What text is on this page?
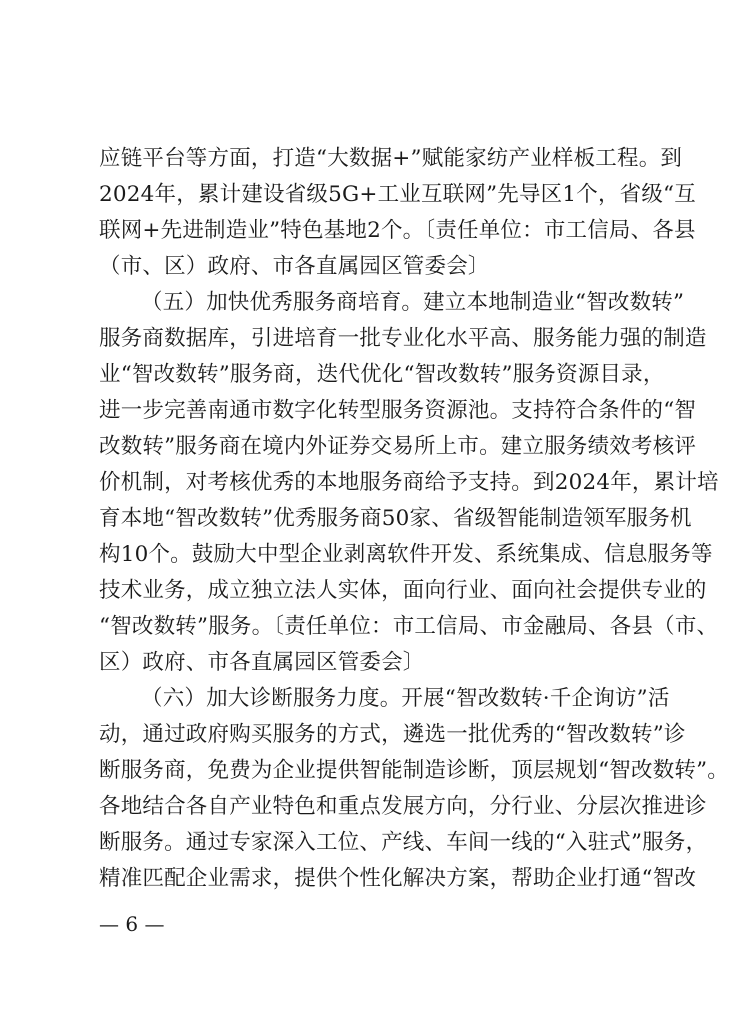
应链平台等方面，打造“大数据+”赋能家纺产业样板工程。到
2024年，累计建设省级5G+工业互联网”先导区1个，省级“互
联网+先进制造业”特色基地2个。〔责任单位：市工信局、各县
（市、区）政府、市各直属园区管委会〕
（五）加快优秀服务商培育。建立本地制造业“智改数转”
服务商数据库，引进培育一批专业化水平高、服务能力强的制造
业“智改数转”服务商，迭代优化“智改数转”服务资源目录，
进一步完善南通市数字化转型服务资源池。支持符合条件的“智
改数转”服务商在境内外证券交易所上市。建立服务绩效考核评
价机制，对考核优秀的本地服务商给予支持。到2024年，累计培
育本地“智改数转”优秀服务商50家、省级智能制造领军服务机
构10个。鼓励大中型企业剥离软件开发、系统集成、信息服务等
技术业务，成立独立法人实体，面向行业、面向社会提供专业的
“智改数转”服务。〔责任单位：市工信局、市金融局、各县（市、
区）政府、市各直属园区管委会〕
（六）加大诊断服务力度。开展“智改数转·千企询访”活
动，通过政府购买服务的方式，遴选一批优秀的“智改数转”诊
断服务商，免费为企业提供智能制造诊断，顶层规划“智改数转”。
各地结合各自产业特色和重点发展方向，分行业、分层次推进诊
断服务。通过专家深入工位、产线、车间一线的“入驻式”服务，
精准匹配企业需求，提供个性化解决方案，帮助企业打通“智改
— 6 —
